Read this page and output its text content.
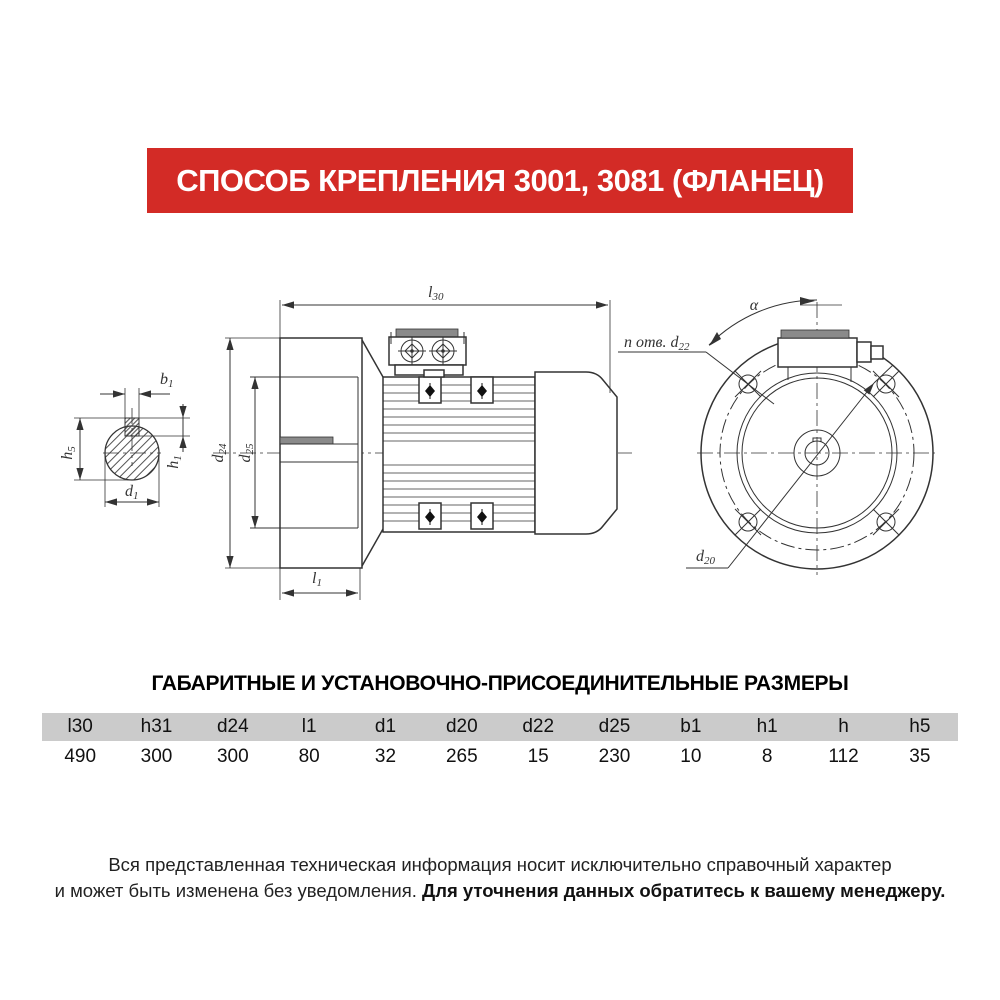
СПОСОБ КРЕПЛЕНИЯ 3001, 3081 (ФЛАНЕЦ)
b1
h5
h1
d1
l30
d24
d25
l1
d20
α
n отв. d22
ГАБАРИТНЫЕ И УСТАНОВОЧНО-ПРИСОЕДИНИТЕЛЬНЫЕ РАЗМЕРЫ
l30	h31	d24	l1	d1	d20	d22	d25	b1	h1	h	h5
490	300	300	80	32	265	15	230	10	8	112	35
Вся представленная техническая информация носит исключительно справочный характер
и может быть изменена без уведомления. Для уточнения данных обратитесь к вашему менеджеру.
